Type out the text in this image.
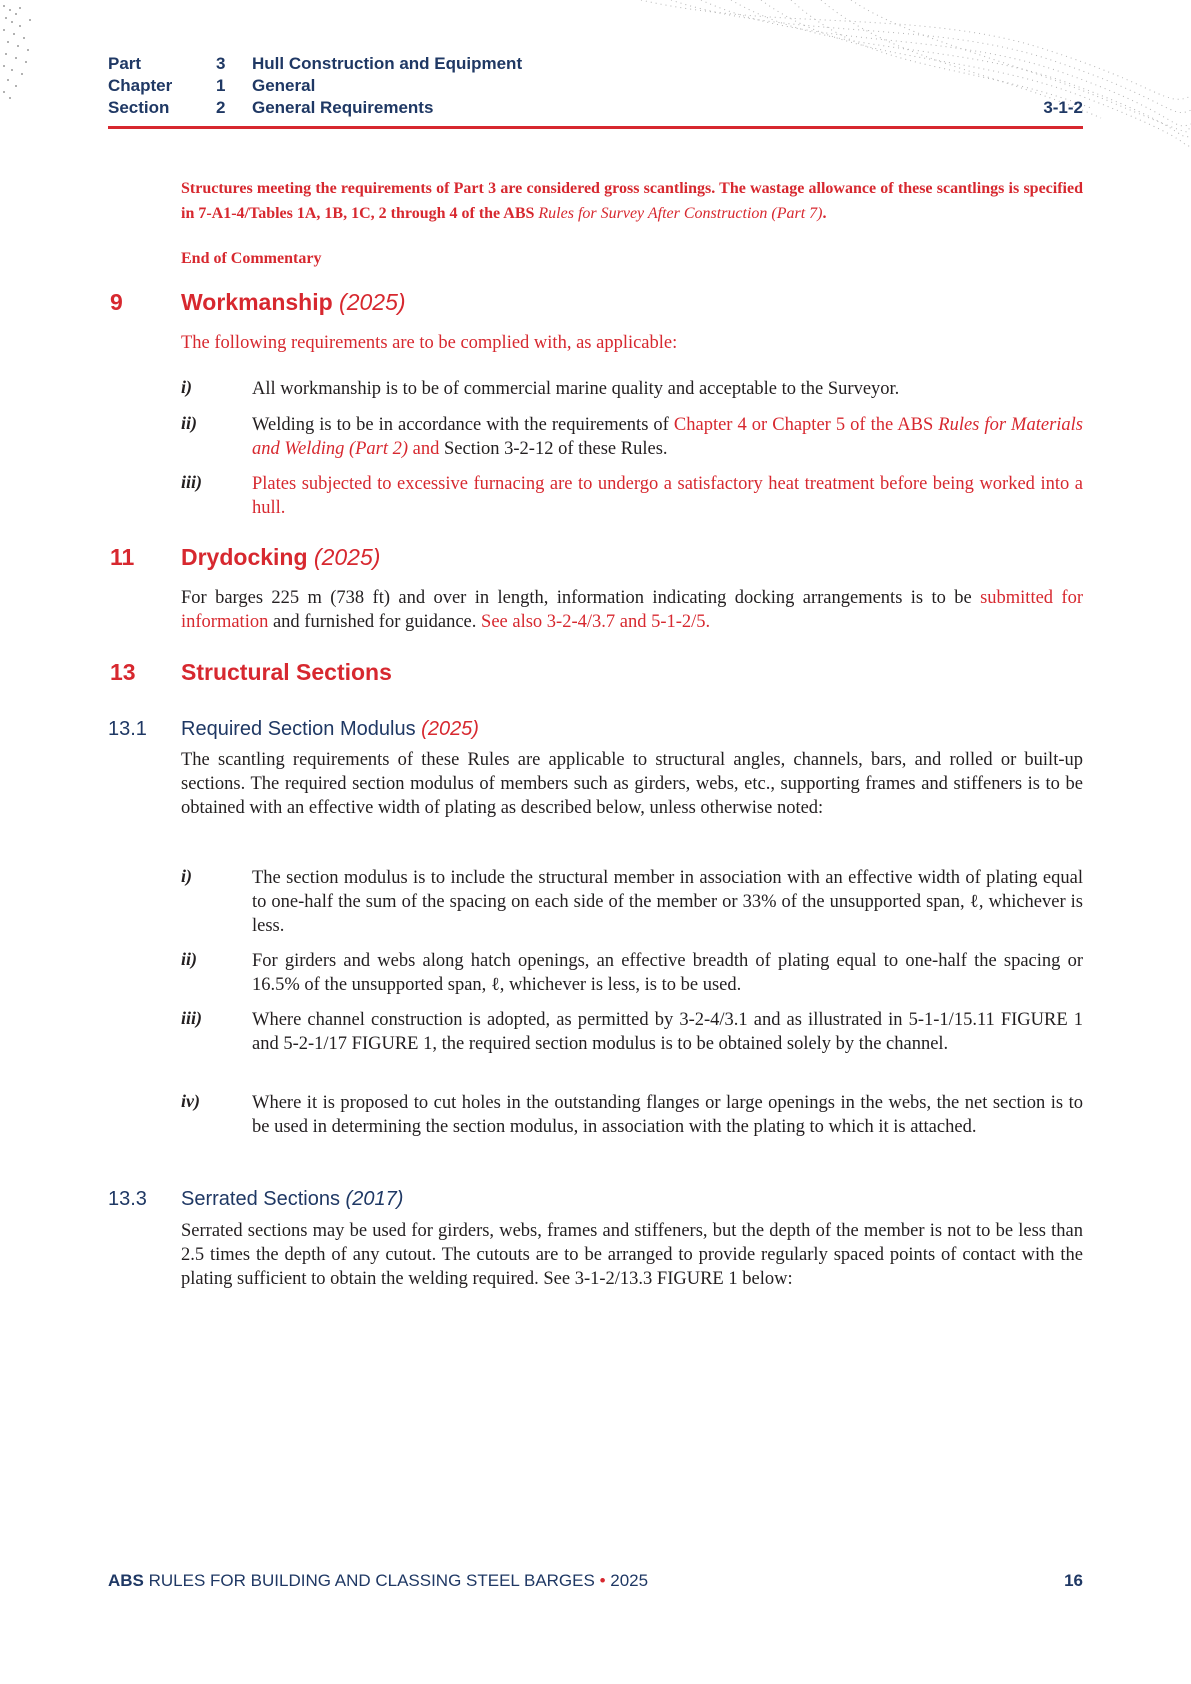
Part	3 Hull Construction and Equipment
Chapter	1 General
Section	2 General Requirements	3-1-2
Structures meeting the requirements of Part 3 are considered gross scantlings. The wastage allowance of these scantlings is specified in 7-A1-4/Tables 1A, 1B, 1C, 2 through 4 of the ABS Rules for Survey After Construction (Part 7).
End of Commentary
9	Workmanship (2025)
The following requirements are to be complied with, as applicable:
i)	All workmanship is to be of commercial marine quality and acceptable to the Surveyor.
ii)	Welding is to be in accordance with the requirements of Chapter 4 or Chapter 5 of the ABS Rules for Materials and Welding (Part 2) and Section 3-2-12 of these Rules.
iii)	Plates subjected to excessive furnacing are to undergo a satisfactory heat treatment before being worked into a hull.
11 Drydocking (2025)
For barges 225 m (738 ft) and over in length, information indicating docking arrangements is to be submitted for information and furnished for guidance. See also 3-2-4/3.7 and 5-1-2/5.
13 Structural Sections
13.1 Required Section Modulus (2025)
The scantling requirements of these Rules are applicable to structural angles, channels, bars, and rolled or built-up sections. The required section modulus of members such as girders, webs, etc., supporting frames and stiffeners is to be obtained with an effective width of plating as described below, unless otherwise noted:
i)	The section modulus is to include the structural member in association with an effective width of plating equal to one-half the sum of the spacing on each side of the member or 33% of the unsupported span, ℓ, whichever is less.
ii)	For girders and webs along hatch openings, an effective breadth of plating equal to one-half the spacing or 16.5% of the unsupported span, ℓ, whichever is less, is to be used.
iii)	Where channel construction is adopted, as permitted by 3-2-4/3.1 and as illustrated in 5-1-1/15.11 FIGURE 1 and 5-2-1/17 FIGURE 1, the required section modulus is to be obtained solely by the channel.
iv)	Where it is proposed to cut holes in the outstanding flanges or large openings in the webs, the net section is to be used in determining the section modulus, in association with the plating to which it is attached.
13.3 Serrated Sections (2017)
Serrated sections may be used for girders, webs, frames and stiffeners, but the depth of the member is not to be less than 2.5 times the depth of any cutout. The cutouts are to be arranged to provide regularly spaced points of contact with the plating sufficient to obtain the welding required. See 3-1-2/13.3 FIGURE 1 below:
ABS RULES FOR BUILDING AND CLASSING STEEL BARGES • 2025	16
